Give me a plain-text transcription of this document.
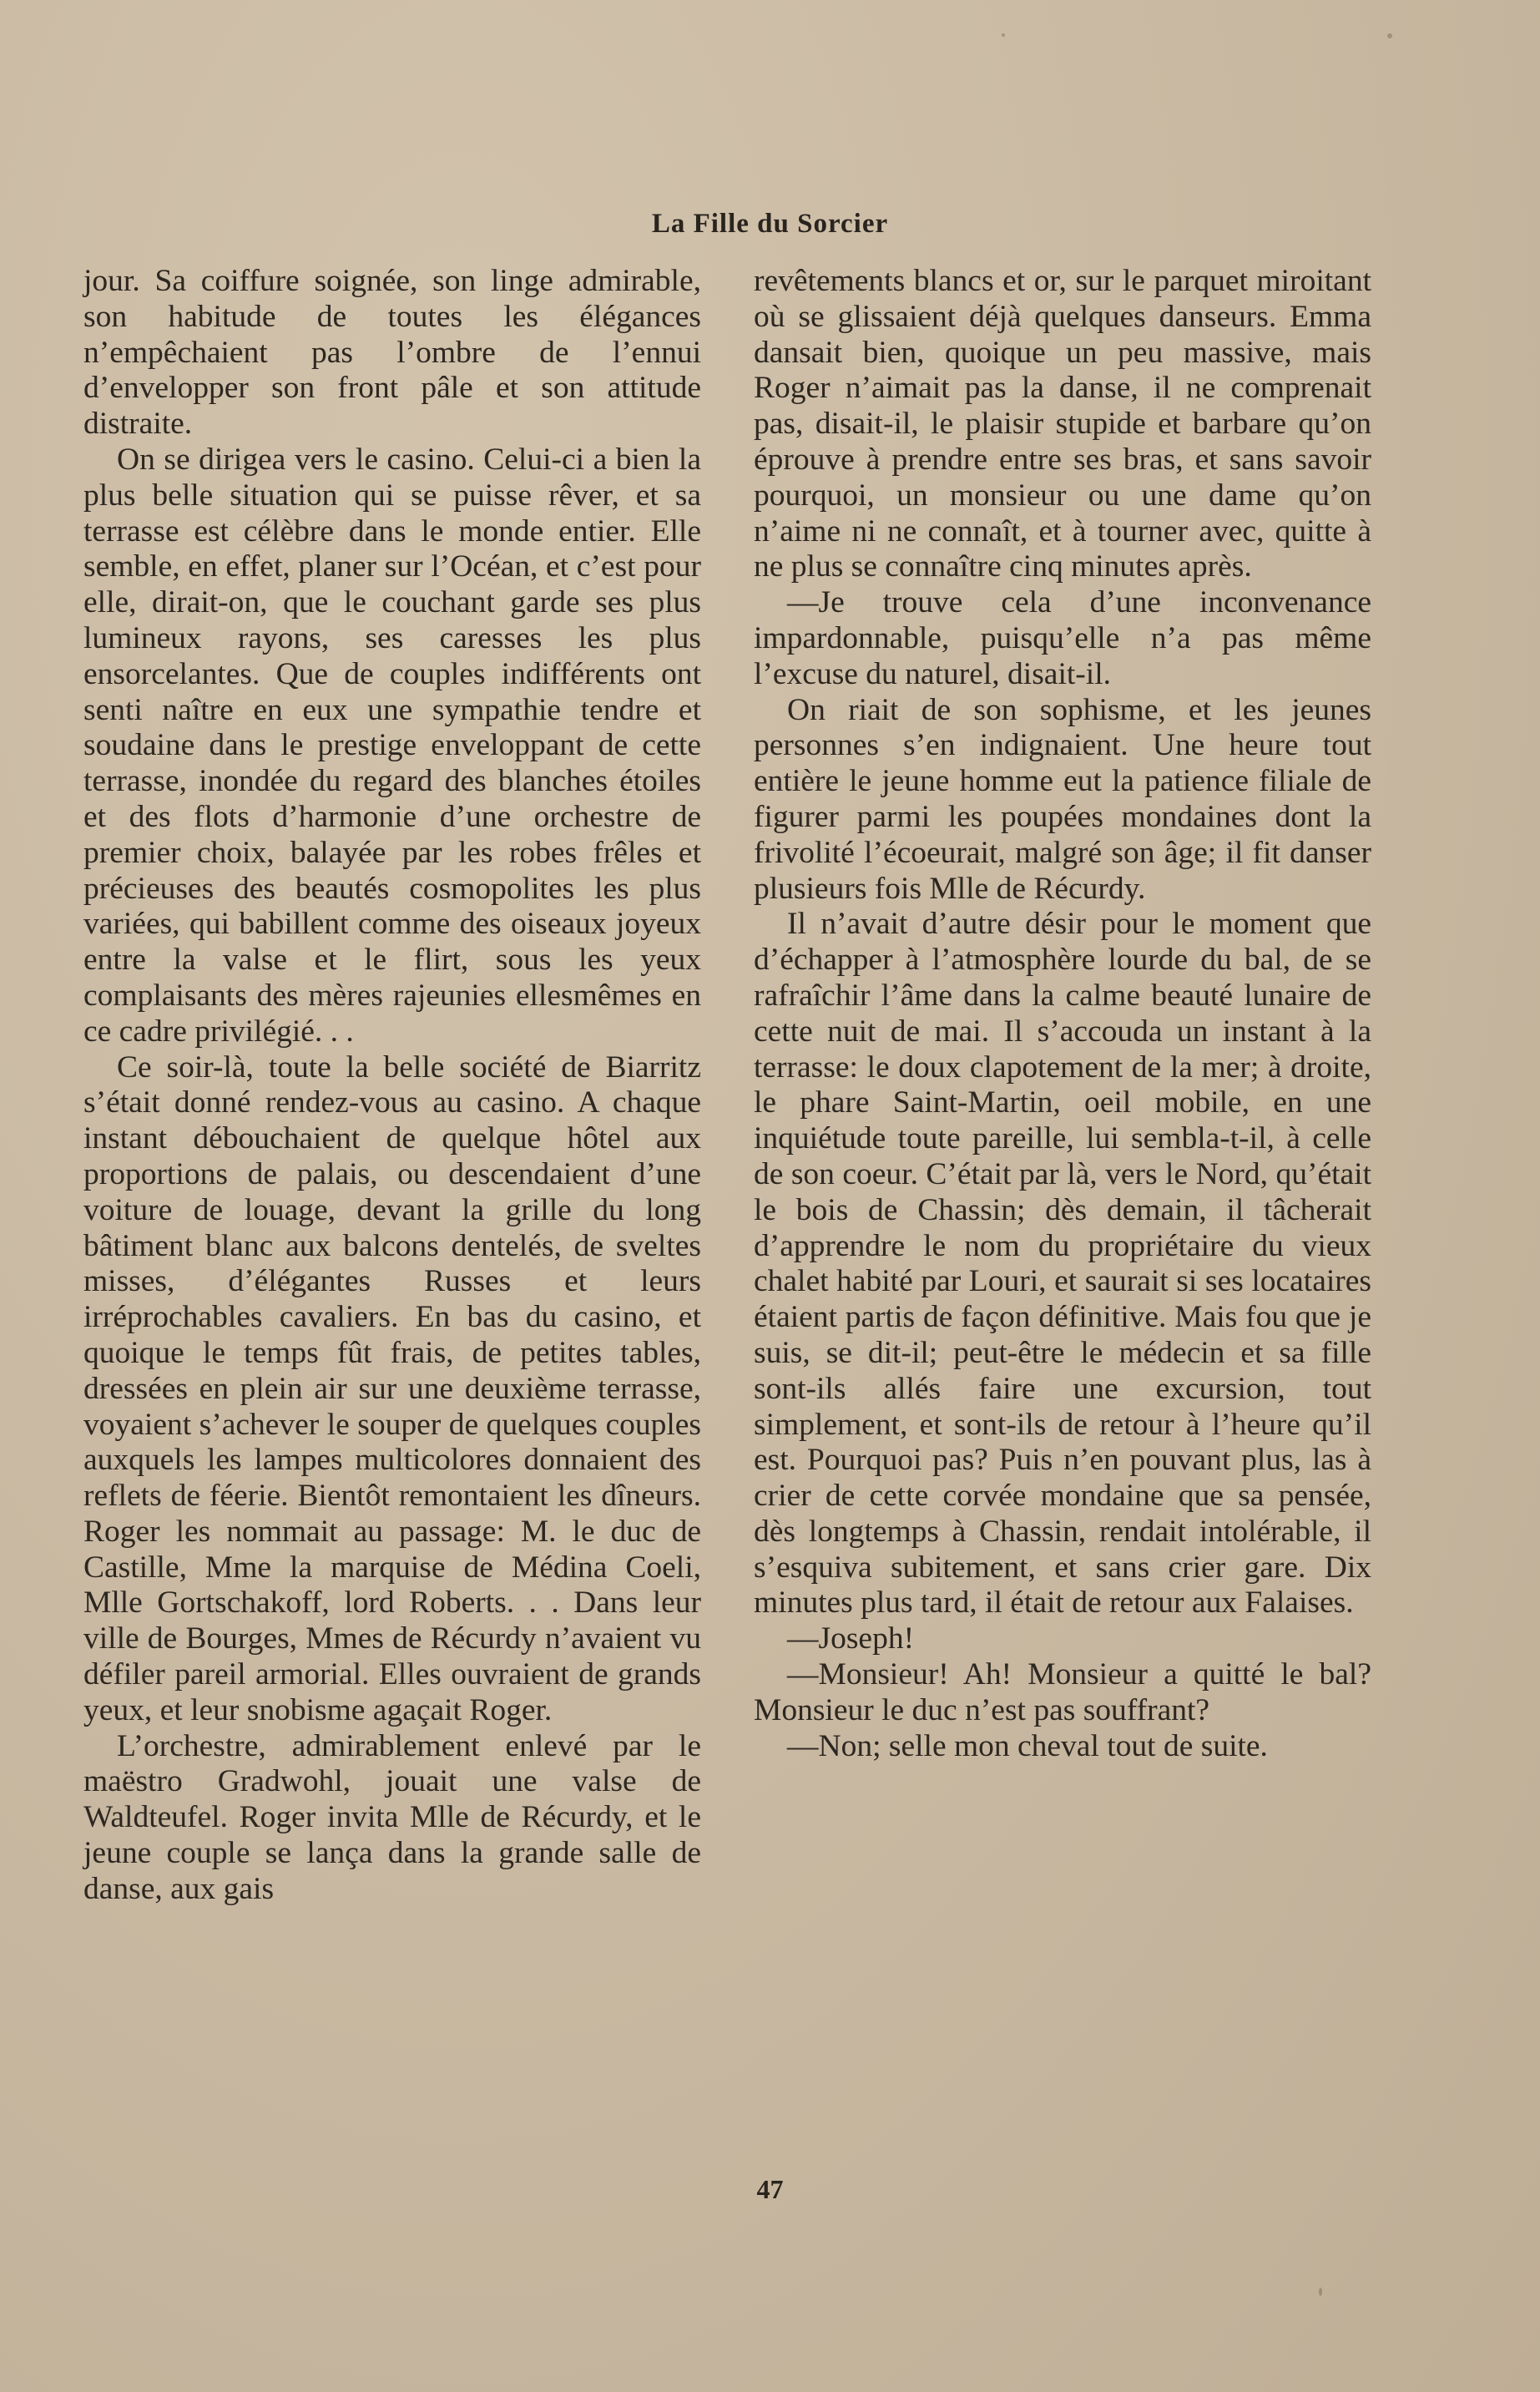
La Fille du Sorcier

jour. Sa coiffure soignée, son linge admirable, son habitude de toutes les élégances n’empêchaient pas l’ombre de l’ennui d’envelopper son front pâle et son attitude distraite.

On se dirigea vers le casino. Celui-ci a bien la plus belle situation qui se puisse rêver, et sa terrasse est célèbre dans le monde entier. Elle semble, en effet, planer sur l’Océan, et c’est pour elle, dirait-on, que le couchant garde ses plus lumineux rayons, ses caresses les plus ensorcelantes. Que de couples indifférents ont senti naître en eux une sympathie tendre et soudaine dans le prestige enveloppant de cette terrasse, inondée du regard des blanches étoiles et des flots d’harmonie d’une orchestre de premier choix, balayée par les robes frêles et précieuses des beautés cosmopolites les plus variées, qui babillent comme des oiseaux joyeux entre la valse et le flirt, sous les yeux complaisants des mères rajeunies ellesmêmes en ce cadre privilégié. . .

Ce soir-là, toute la belle société de Biarritz s’était donné rendez-vous au casino. A chaque instant débouchaient de quelque hôtel aux proportions de palais, ou descendaient d’une voiture de louage, devant la grille du long bâtiment blanc aux balcons dentelés, de sveltes misses, d’élégantes Russes et leurs irréprochables cavaliers. En bas du casino, et quoique le temps fût frais, de petites tables, dressées en plein air sur une deuxième terrasse, voyaient s’achever le souper de quelques couples auxquels les lampes multicolores donnaient des reflets de féerie. Bientôt remontaient les dîneurs. Roger les nommait au passage: M. le duc de Castille, Mme la marquise de Médina Coeli, Mlle Gortschakoff, lord Roberts. . . Dans leur ville de Bourges, Mmes de Récurdy n’avaient vu défiler pareil armorial. Elles ouvraient de grands yeux, et leur snobisme agaçait Roger.

L’orchestre, admirablement enlevé par le maëstro Gradwohl, jouait une valse de Waldteufel. Roger invita Mlle de Récurdy, et le jeune couple se lança dans la grande salle de danse, aux gais

revêtements blancs et or, sur le parquet miroitant où se glissaient déjà quelques danseurs. Emma dansait bien, quoique un peu massive, mais Roger n’aimait pas la danse, il ne comprenait pas, disait-il, le plaisir stupide et barbare qu’on éprouve à prendre entre ses bras, et sans savoir pourquoi, un monsieur ou une dame qu’on n’aime ni ne connaît, et à tourner avec, quitte à ne plus se connaître cinq minutes après.

—Je trouve cela d’une inconvenance impardonnable, puisqu’elle n’a pas même l’excuse du naturel, disait-il.

On riait de son sophisme, et les jeunes personnes s’en indignaient. Une heure tout entière le jeune homme eut la patience filiale de figurer parmi les poupées mondaines dont la frivolité l’écoeurait, malgré son âge; il fit danser plusieurs fois Mlle de Récurdy.

Il n’avait d’autre désir pour le moment que d’échapper à l’atmosphère lourde du bal, de se rafraîchir l’âme dans la calme beauté lunaire de cette nuit de mai. Il s’accouda un instant à la terrasse: le doux clapotement de la mer; à droite, le phare Saint-Martin, oeil mobile, en une inquiétude toute pareille, lui sembla-t-il, à celle de son coeur. C’était par là, vers le Nord, qu’était le bois de Chassin; dès demain, il tâcherait d’apprendre le nom du propriétaire du vieux chalet habité par Louri, et saurait si ses locataires étaient partis de façon définitive. Mais fou que je suis, se dit-il; peut-être le médecin et sa fille sont-ils allés faire une excursion, tout simplement, et sont-ils de retour à l’heure qu’il est. Pourquoi pas? Puis n’en pouvant plus, las à crier de cette corvée mondaine que sa pensée, dès longtemps à Chassin, rendait intolérable, il s’esquiva subitement, et sans crier gare. Dix minutes plus tard, il était de retour aux Falaises.

—Joseph!

—Monsieur! Ah! Monsieur a quitté le bal? Monsieur le duc n’est pas souffrant?

—Non; selle mon cheval tout de suite.

47
